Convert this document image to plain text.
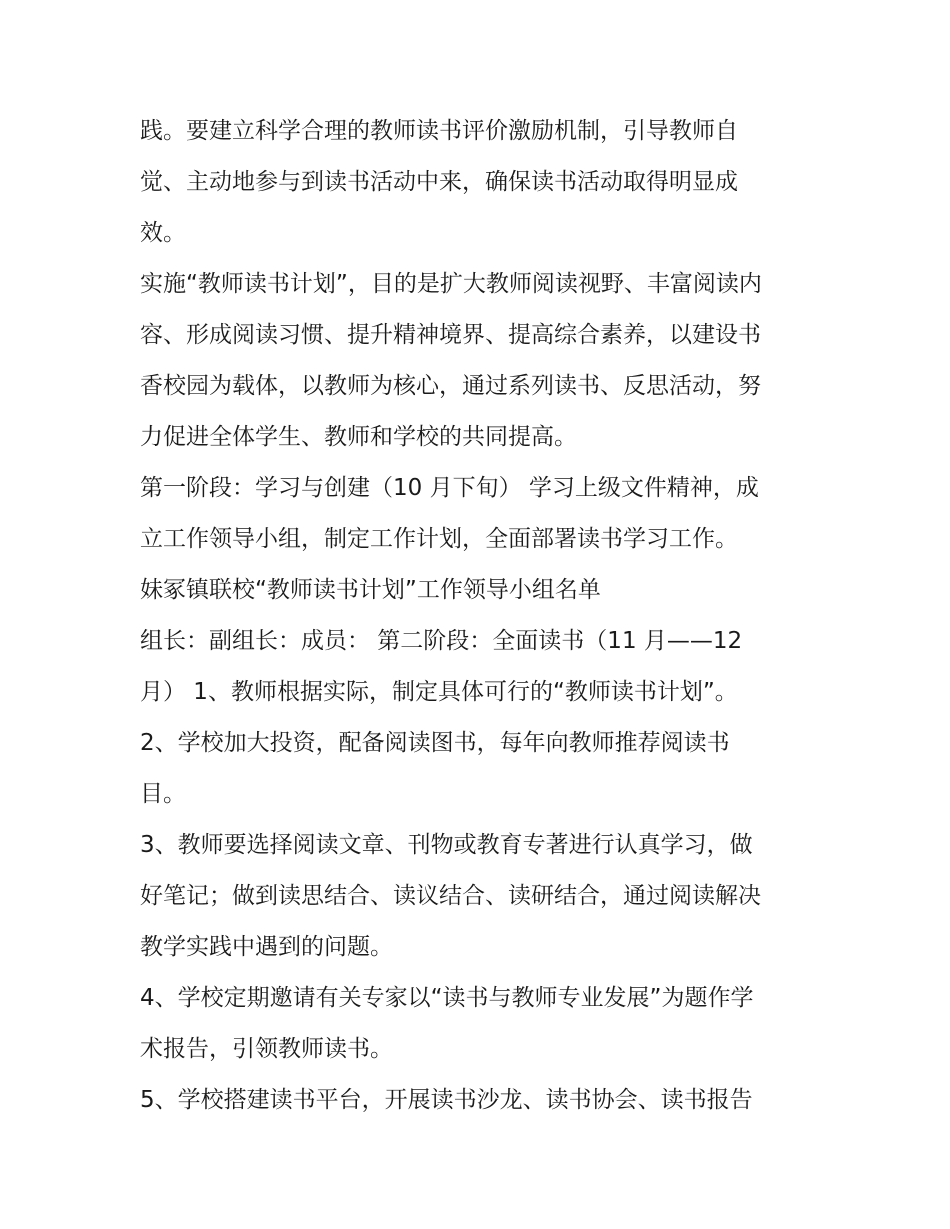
践。要建立科学合理的教师读书评价激励机制，引导教师自

觉、主动地参与到读书活动中来，确保读书活动取得明显成

效。

实施“教师读书计划”，目的是扩大教师阅读视野、丰富阅读内

容、形成阅读习惯、提升精神境界、提高综合素养，以建设书

香校园为载体，以教师为核心，通过系列读书、反思活动，努

力促进全体学生、教师和学校的共同提高。

第一阶段：学习与创建（10 月下旬） 学习上级文件精神，成

立工作领导小组，制定工作计划，全面部署读书学习工作。

妹冢镇联校“教师读书计划”工作领导小组名单

组长：副组长：成员： 第二阶段：全面读书（11 月——12

月） 1、教师根据实际，制定具体可行的“教师读书计划”。

2、学校加大投资，配备阅读图书，每年向教师推荐阅读书

目。

3、教师要选择阅读文章、刊物或教育专著进行认真学习，做

好笔记；做到读思结合、读议结合、读研结合，通过阅读解决

教学实践中遇到的问题。

4、学校定期邀请有关专家以“读书与教师专业发展”为题作学

术报告，引领教师读书。

5、学校搭建读书平台，开展读书沙龙、读书协会、读书报告
